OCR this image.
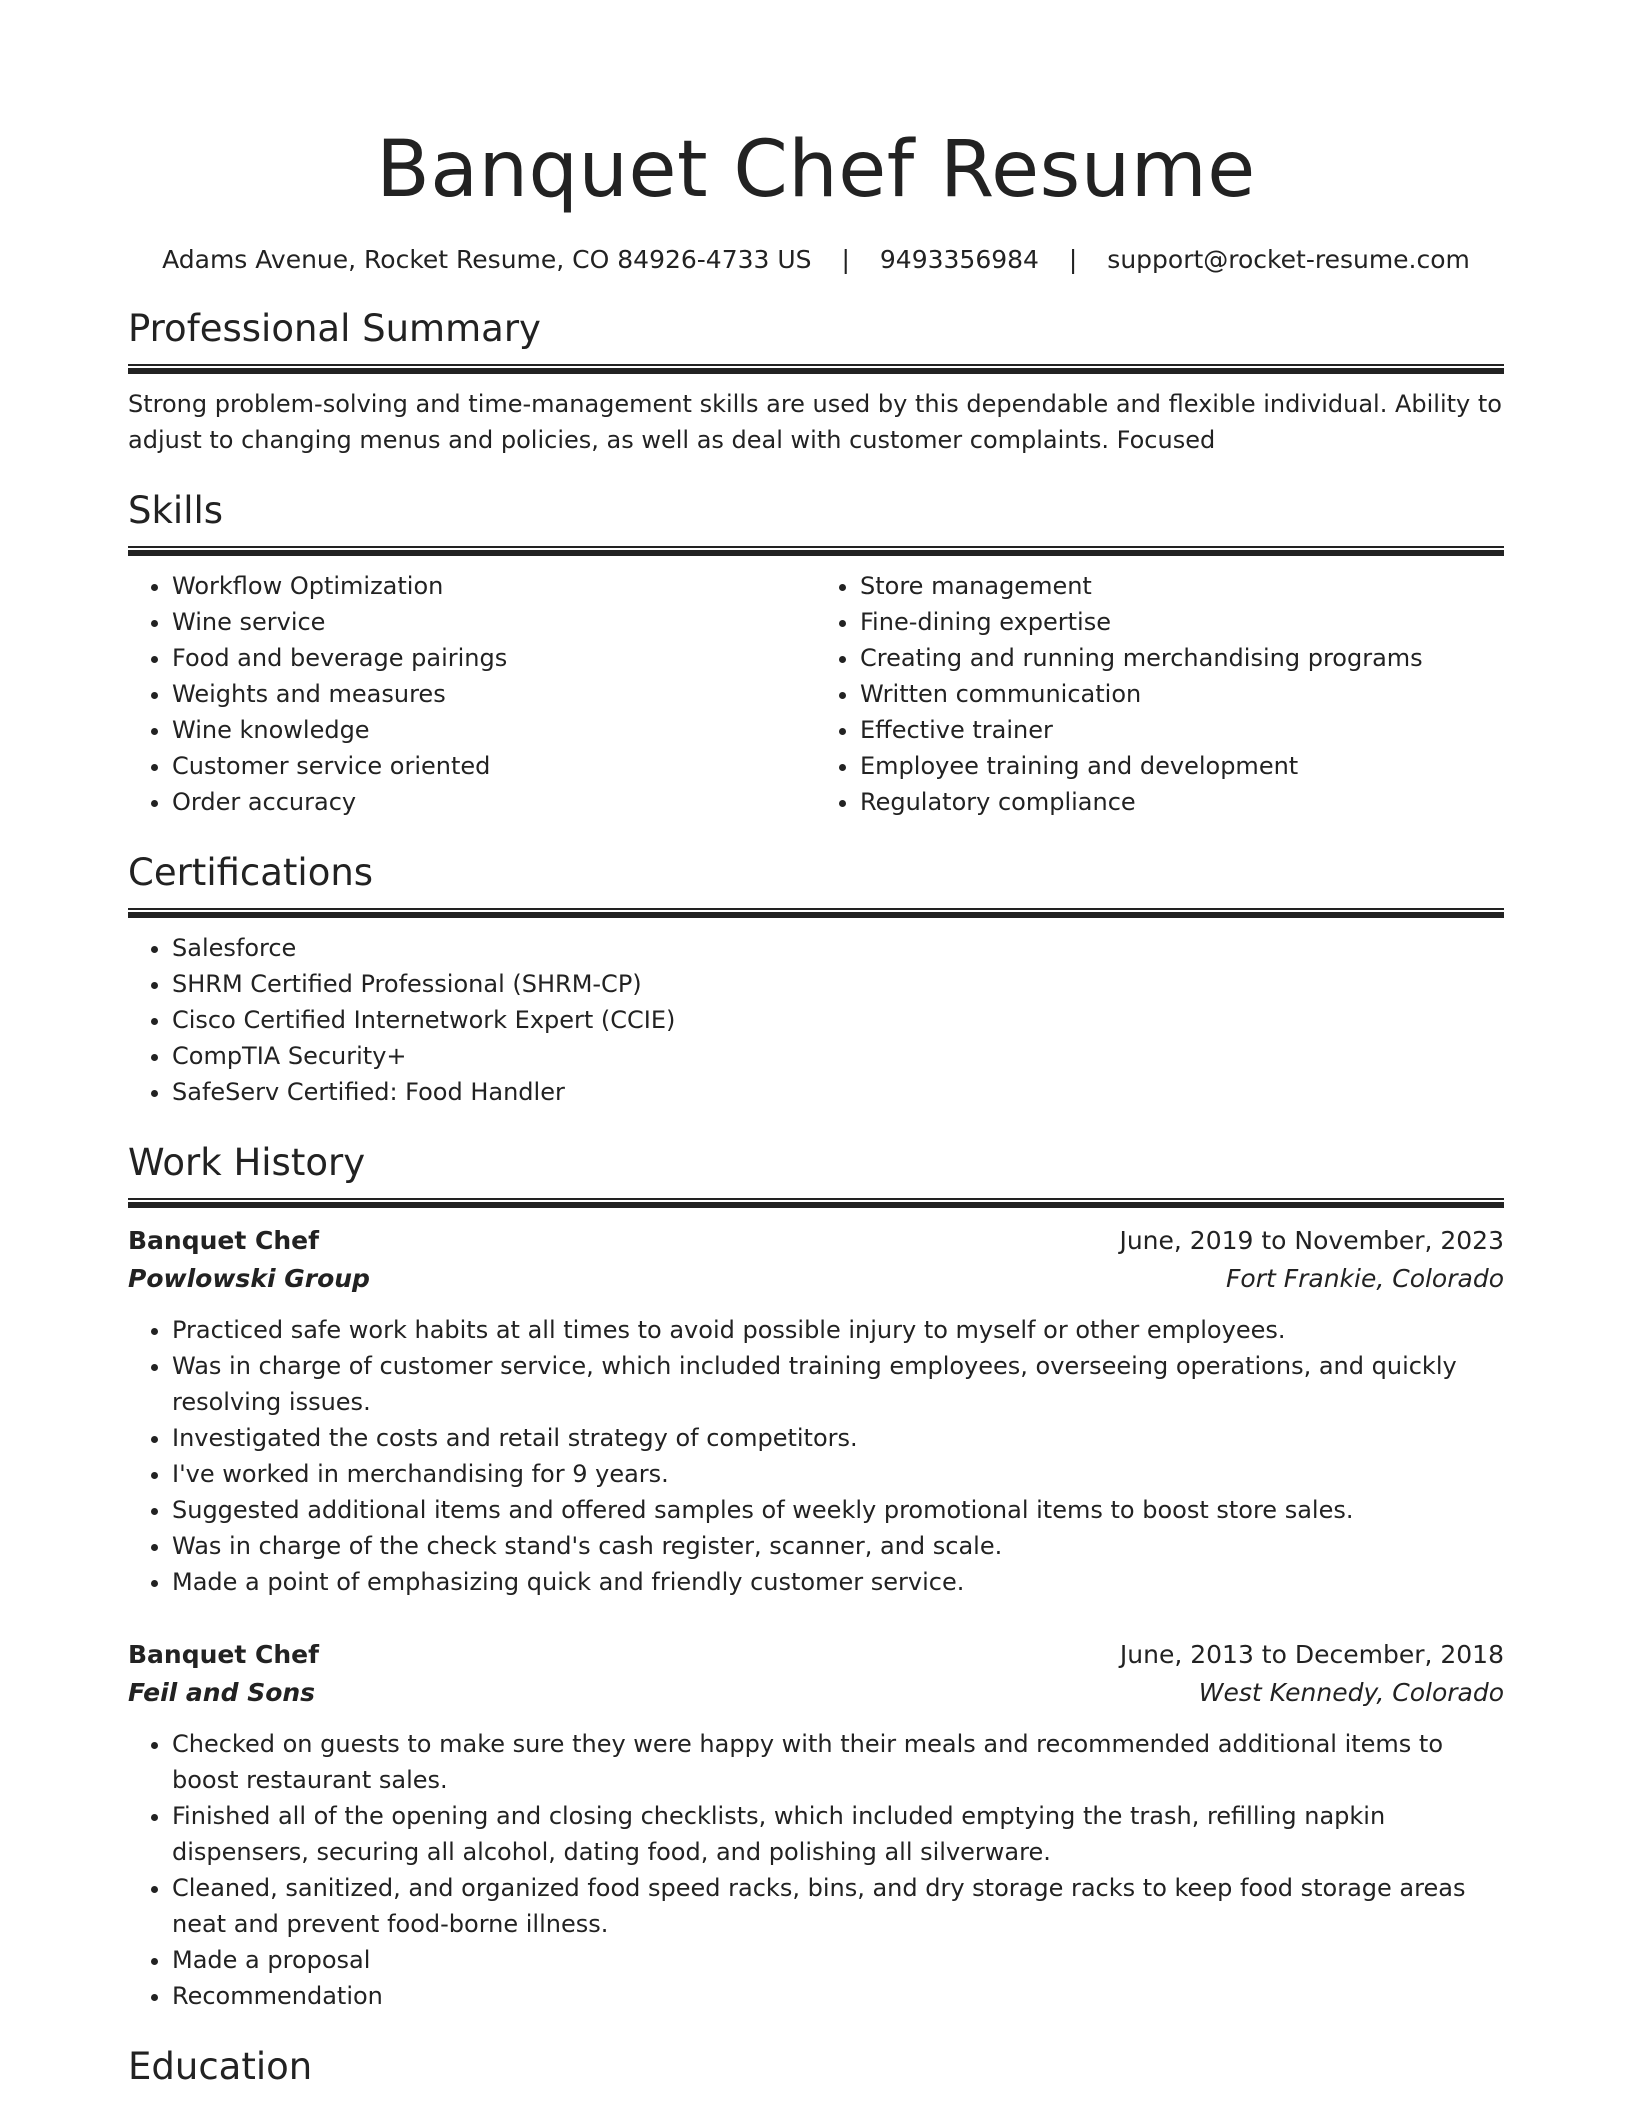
Banquet Chef Resume
Adams Avenue, Rocket Resume, CO 84926-4733 US | 9493356984 | support@rocket-resume.com
Professional Summary

Strong problem-solving and time-management skills are used by this dependable and flexible individual. Ability to adjust to changing menus and policies, as well as deal with customer complaints. Focused

Skills
• Workflow Optimization
• Wine service
• Food and beverage pairings
• Weights and measures
• Wine knowledge
• Customer service oriented
• Order accuracy
• Store management
• Fine-dining expertise
• Creating and running merchandising programs
• Written communication
• Effective trainer
• Employee training and development
• Regulatory compliance
Certifications
• Salesforce
• SHRM Certified Professional (SHRM-CP)
• Cisco Certified Internetwork Expert (CCIE)
• CompTIA Security+
• SafeServ Certified: Food Handler
Work History
Banquet Chef	June, 2019 to November, 2023
Powlowski Group	Fort Frankie, Colorado
• Practiced safe work habits at all times to avoid possible injury to myself or other employees.
• Was in charge of customer service, which included training employees, overseeing operations, and quickly resolving issues.
• Investigated the costs and retail strategy of competitors.
• I've worked in merchandising for 9 years.
• Suggested additional items and offered samples of weekly promotional items to boost store sales.
• Was in charge of the check stand's cash register, scanner, and scale.
• Made a point of emphasizing quick and friendly customer service.
Banquet Chef	June, 2013 to December, 2018
Feil and Sons	West Kennedy, Colorado
• Checked on guests to make sure they were happy with their meals and recommended additional items to boost restaurant sales.
• Finished all of the opening and closing checklists, which included emptying the trash, refilling napkin dispensers, securing all alcohol, dating food, and polishing all silverware.
• Cleaned, sanitized, and organized food speed racks, bins, and dry storage racks to keep food storage areas neat and prevent food-borne illness.
• Made a proposal
• Recommendation
Education
